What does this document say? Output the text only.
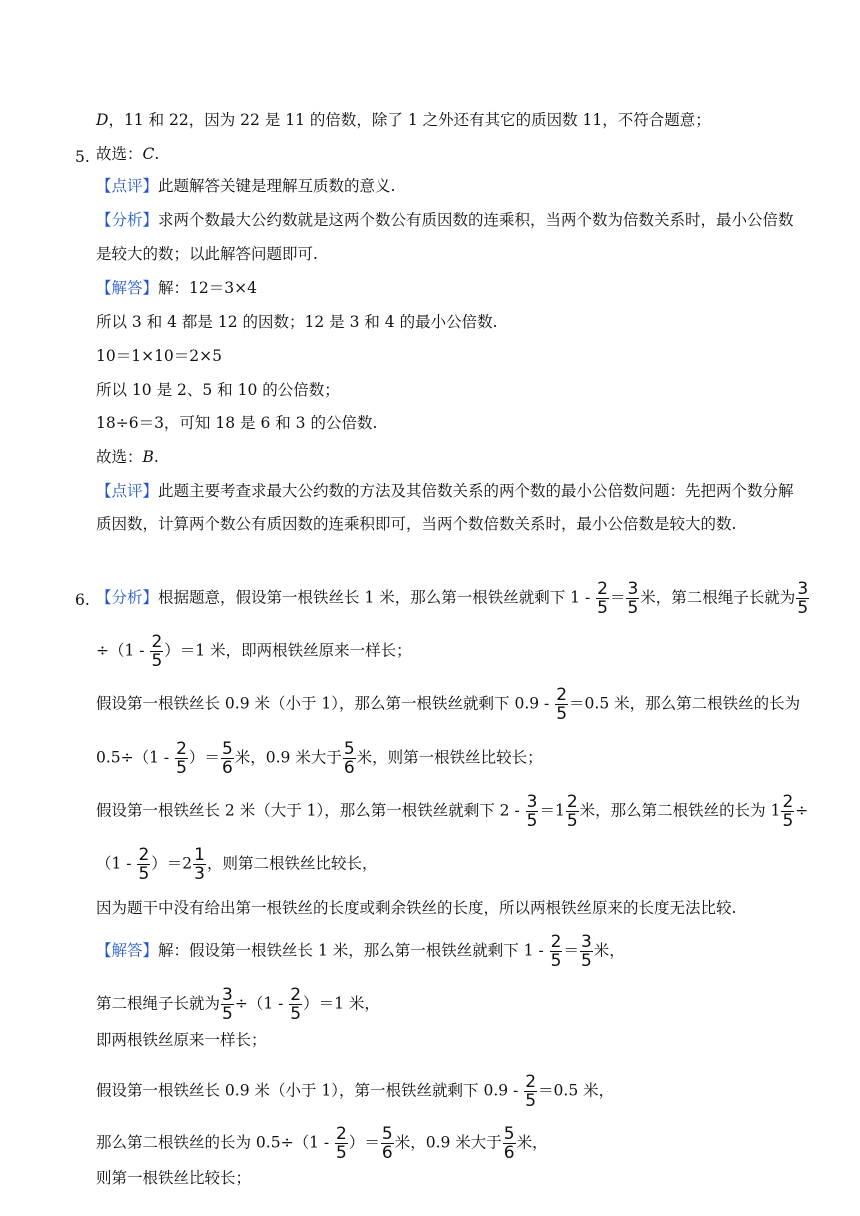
5.
6.
D，11 和 22，因为 22 是 11 的倍数，除了 1 之外还有其它的质因数 11，不符合题意；
故选：C.
【点评】此题解答关键是理解互质数的意义.
【分析】求两个数最大公约数就是这两个数公有质因数的连乘积，当两个数为倍数关系时，最小公倍数
是较大的数；以此解答问题即可.
【解答】解：12＝3×4
所以 3 和 4 都是 12 的因数；12 是 3 和 4 的最小公倍数.
10＝1×10＝2×5
所以 10 是 2、5 和 10 的公倍数；
18÷6＝3，可知 18 是 6 和 3 的公倍数.
故选：B.
【点评】此题主要考查求最大公约数的方法及其倍数关系的两个数的最小公倍数问题：先把两个数分解
质因数，计算两个数公有质因数的连乘积即可，当两个数倍数关系时，最小公倍数是较大的数.
【分析】根据题意，假设第一根铁丝长 1 米，那么第一根铁丝就剩下 $1 - \frac{2}{5} = \frac{3}{5}$ 米，第二根绳子长就为 $\frac{3}{5}$
$\div(1 - \frac{2}{5} )=1$ 米，即两根铁丝原来一样长；
假设第一根铁丝长 0.9 米（小于 1），那么第一根铁丝就剩下 $0.9 - \frac{2}{5} =0.5$ 米，那么第二根铁丝的长为
$0.5\div(1 - \frac{2}{5}$ ）＝ $\frac{5}{6}$ 米，0.9 米大于 $\frac{5}{6}$ 米，则第一根铁丝比较长；
假设第一根铁丝长 2 米（大于 1），那么第一根铁丝就剩下 $2 - \frac{3}{5} =1 \frac{2}{5}$ 米，那么第二根铁丝的长为 $1 \frac{2}{5}$ ÷
$(1 - \frac{2}{5} )=2 \frac{1}{3}$ ，则第二根铁丝比较长，
因为题干中没有给出第一根铁丝的长度或剩余铁丝的长度，所以两根铁丝原来的长度无法比较.
【解答】解：假设第一根铁丝长 1 米，那么第一根铁丝就剩下 $1 - \frac{2}{5} = \frac{3}{5}$ 米，
第二根绳子长就为 $\frac{3}{5} \div(1 - \frac{2}{5} )=1$ 米，
即两根铁丝原来一样长；
假设第一根铁丝长 0.9 米（小于 1），第一根铁丝就剩下 $0.9 - \frac{2}{5} =0.5$ 米，
那么第二根铁丝的长为 $0.5\div(1 - \frac{2}{5}$ ）＝ $\frac{5}{6}$ 米，0.9 米大于 $\frac{5}{6}$ 米，
则第一根铁丝比较长；
